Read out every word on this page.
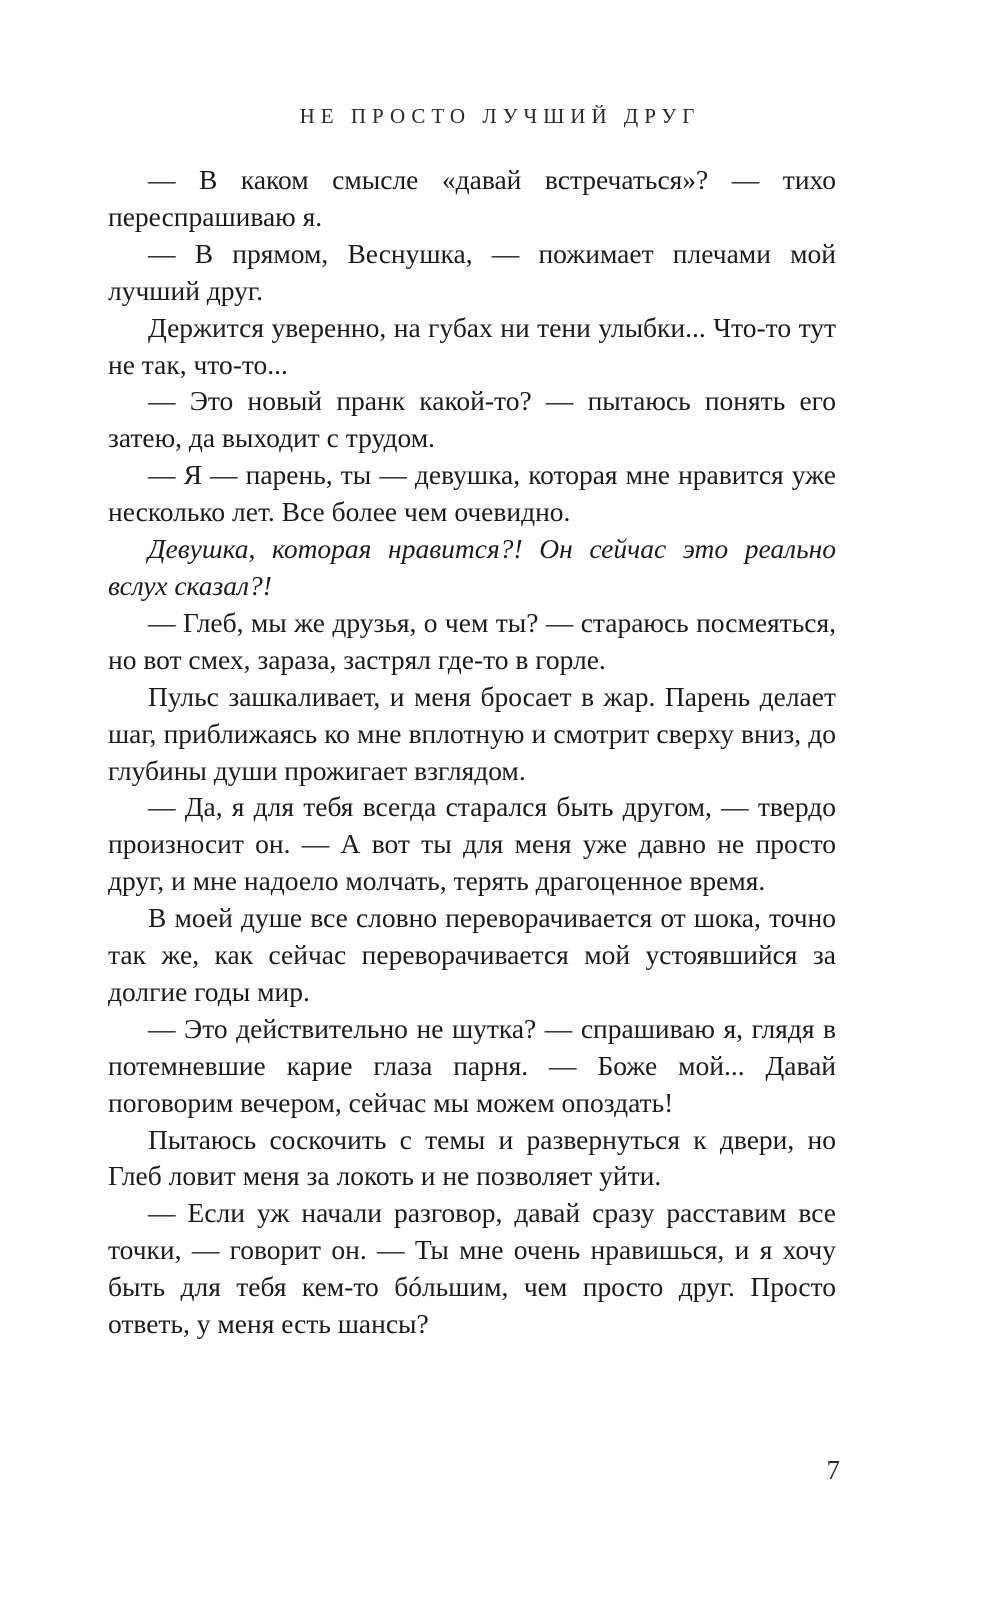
НЕ ПРОСТО ЛУЧШИЙ ДРУГ

— В каком смысле «давай встречаться»? — тихо переспрашиваю я.

— В прямом, Веснушка, — пожимает плечами мой лучший друг.

Держится уверенно, на губах ни тени улыбки... Что-то тут не так, что-то...

— Это новый пранк какой-то? — пытаюсь понять его затею, да выходит с трудом.

— Я — парень, ты — девушка, которая мне нравится уже несколько лет. Все более чем очевидно.

Девушка, которая нравится?! Он сейчас это реально вслух сказал?!

— Глеб, мы же друзья, о чем ты? — стараюсь посмеяться, но вот смех, зараза, застрял где-то в горле.

Пульс зашкаливает, и меня бросает в жар. Парень делает шаг, приближаясь ко мне вплотную и смотрит сверху вниз, до глубины души прожигает взглядом.

— Да, я для тебя всегда старался быть другом, — твердо произносит он. — А вот ты для меня уже давно не просто друг, и мне надоело молчать, терять драгоценное время.

В моей душе все словно переворачивается от шока, точно так же, как сейчас переворачивается мой устоявшийся за долгие годы мир.

— Это действительно не шутка? — спрашиваю я, глядя в потемневшие карие глаза парня. — Боже мой... Давай поговорим вечером, сейчас мы можем опоздать!

Пытаюсь соскочить с темы и развернуться к двери, но Глеб ловит меня за локоть и не позволяет уйти.

— Если уж начали разговор, давай сразу расставим все точки, — говорит он. — Ты мне очень нравишься, и я хочу быть для тебя кем-то бóльшим, чем просто друг. Просто ответь, у меня есть шансы?

7
